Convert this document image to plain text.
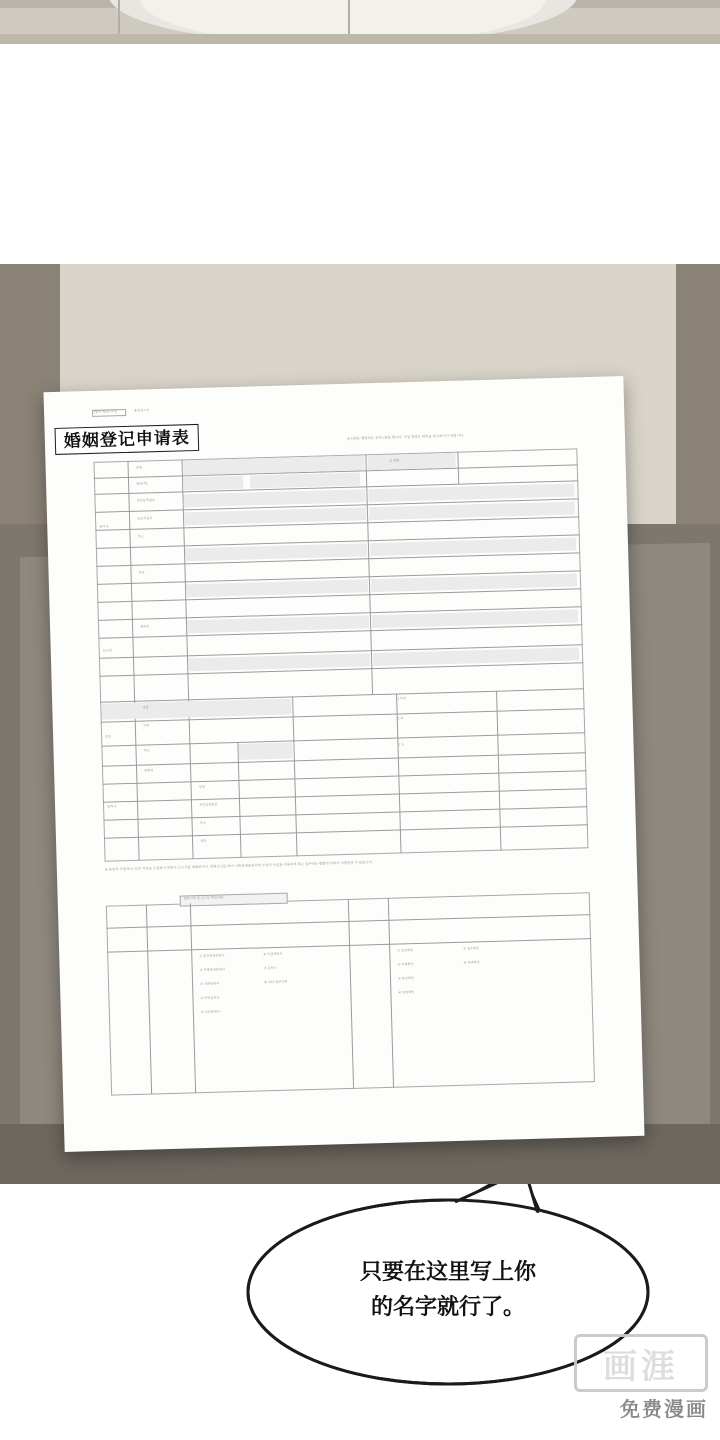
婚姻登记申请表
[별지 제1호서식]	혼인신고서
※ [ ]에는 해당되는 곳에 √표를 합니다. 작성 방법은 뒤쪽을 참고하시기 바랍니다.
당사자
신고인
증인
동의자
성명
본(한자)
주민등록번호
등록기준지
주소
부모
양부모
성명
자격
주소
연락처
성명
주민등록번호
주소
성명
[ ] 남편
[ ] 아내
[ ] 부
[ ] 모
※ 타인의 서명 또는 인장·지장을 도용하여 허위의 신고서를 제출하거나, 허위신고를 하여 가족관계등록부에 부실의 사실을 기록하게 하는 경우에는 형법에 의하여 처벌받을 수 있습니다.
첨부서류 및 신고인 확인사항
① 혼인관계증명서
② 가족관계증명서
③ 기본증명서
④ 주민등록표
⑤ 신분증명서
⑥ 인감증명서
⑦ 동의서
⑧ 기타 첨부서류
① 신분확인
② 서명확인
③ 증인확인
④ 동의확인
⑤ 접수확인
⑥ 처리확인
只要在这里写上你
的名字就行了。
画涯
免费漫画
